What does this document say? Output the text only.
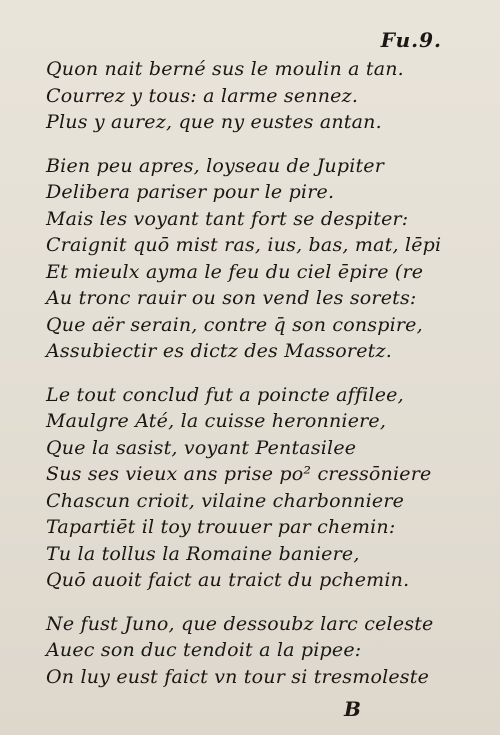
Fu.9.
Quon nait berné sus le moulin a tan.
Courrez y tous: a larme sennez.
Plus y aurez, que ny eustes antan.
Bien peu apres, loyseau de Jupiter
Delibera pariser pour le pire.
Mais les voyant tant fort se despiter:
Craignit quō mist ras, ius, bas, mat, lēpi
Et mieulx ayma le feu du ciel ēpire (re
Au tronc rauir ou son vend les sorets:
Que aër serain, contre q̄ son conspire,
Assubiectir es dictz des Massoretz.
Le tout conclud fut a poincte affilee,
Maulgre Até, la cuisse heronniere,
Que la sasist, voyant Pentasilee
Sus ses vieux ans prise po² cressōniere
Chascun crioit, vilaine charbonniere
Tapartiēt il toy trouuer par chemin:
Tu la tollus la Romaine baniere,
Quō auoit faict au traict du pchemin.
Ne fust Juno, que dessoubz larc celeste
Auec son duc tendoit a la pipee:
On luy eust faict vn tour si tresmoleste
B
